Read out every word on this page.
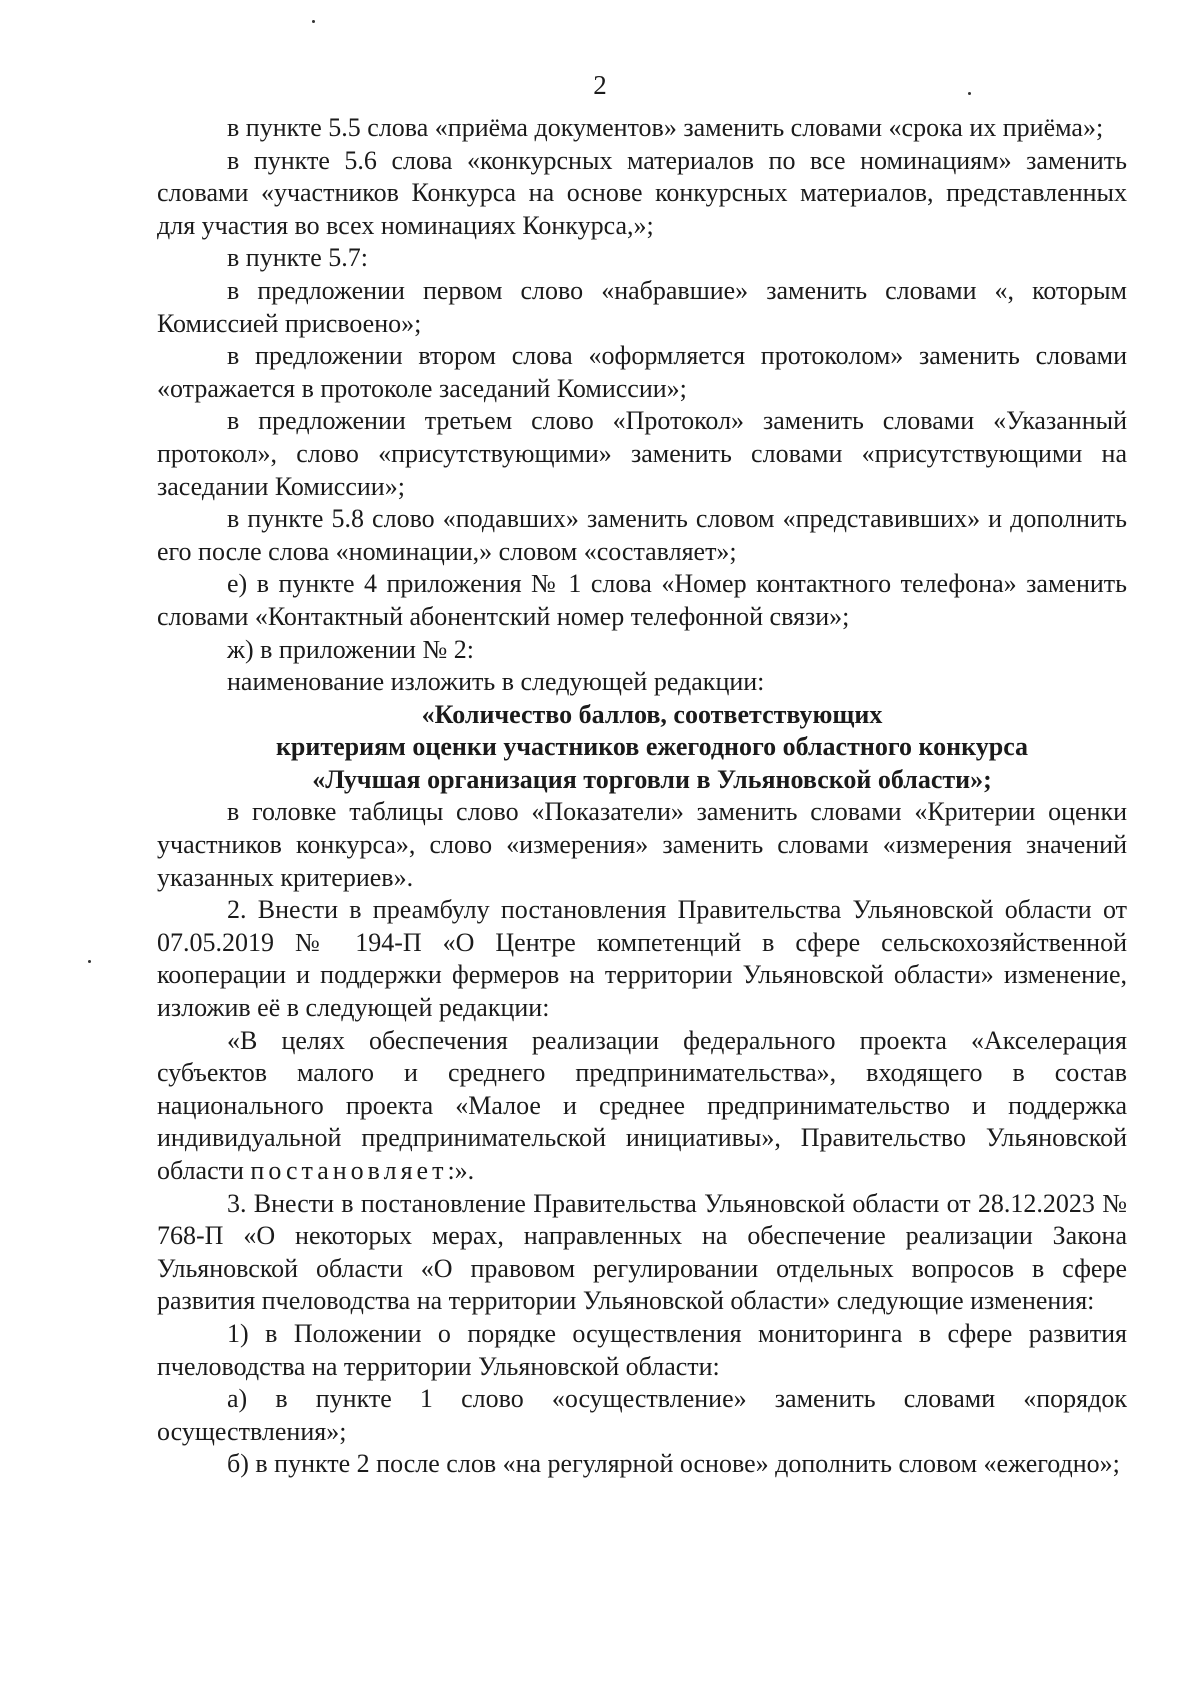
2

в пункте 5.5 слова «приёма документов» заменить словами «срока их приёма»;

в пункте 5.6 слова «конкурсных материалов по все номинациям» заменить словами «участников Конкурса на основе конкурсных материалов, представленных для участия во всех номинациях Конкурса,»;

в пункте 5.7:

в предложении первом слово «набравшие» заменить словами «, которым Комиссией присвоено»;

в предложении втором слова «оформляется протоколом» заменить словами «отражается в протоколе заседаний Комиссии»;

в предложении третьем слово «Протокол» заменить словами «Указанный протокол», слово «присутствующими» заменить словами «присутствующими на заседании Комиссии»;

в пункте 5.8 слово «подавших» заменить словом «представивших» и дополнить его после слова «номинации,» словом «составляет»;

е) в пункте 4 приложения № 1 слова «Номер контактного телефона» заменить словами «Контактный абонентский номер телефонной связи»;

ж) в приложении № 2:

наименование изложить в следующей редакции:

«Количество баллов, соответствующих
критериям оценки участников ежегодного областного конкурса
«Лучшая организация торговли в Ульяновской области»;

в головке таблицы слово «Показатели» заменить словами «Критерии оценки участников конкурса», слово «измерения» заменить словами «измерения значений указанных критериев».

2. Внести в преамбулу постановления Правительства Ульяновской области от 07.05.2019 № 194-П «О Центре компетенций в сфере сельскохозяйственной кооперации и поддержки фермеров на территории Ульяновской области» изменение, изложив её в следующей редакции:

«В целях обеспечения реализации федерального проекта «Акселерация субъектов малого и среднего предпринимательства», входящего в состав национального проекта «Малое и среднее предпринимательство и поддержка индивидуальной предпринимательской инициативы», Правительство Ульяновской области постановляет:».

3. Внести в постановление Правительства Ульяновской области от 28.12.2023 № 768-П «О некоторых мерах, направленных на обеспечение реализации Закона Ульяновской области «О правовом регулировании отдельных вопросов в сфере развития пчеловодства на территории Ульяновской области» следующие изменения:

1) в Положении о порядке осуществления мониторинга в сфере развития пчеловодства на территории Ульяновской области:

а) в пункте 1 слово «осуществление» заменить словами «порядок осуществления»;

б) в пункте 2 после слов «на регулярной основе» дополнить словом «ежегодно»;
